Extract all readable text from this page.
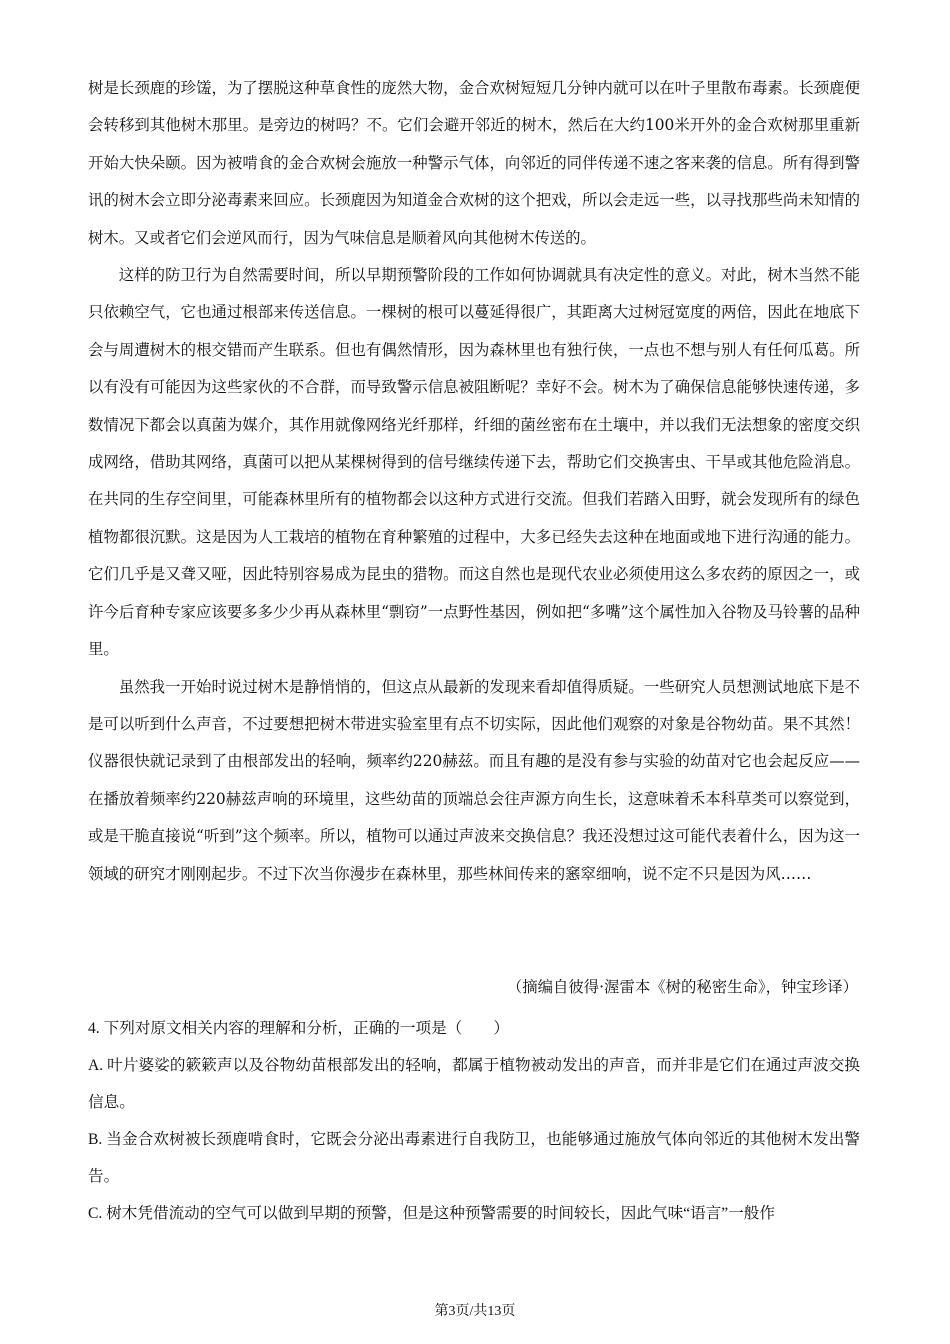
树是长颈鹿的珍馐，为了摆脱这种草食性的庞然大物，金合欢树短短几分钟内就可以在叶子里散布毒素。长颈鹿便会转移到其他树木那里。是旁边的树吗？不。它们会避开邻近的树木，然后在大约100米开外的金合欢树那里重新开始大快朵颐。因为被啃食的金合欢树会施放一种警示气体，向邻近的同伴传递不速之客来袭的信息。所有得到警讯的树木会立即分泌毒素来回应。长颈鹿因为知道金合欢树的这个把戏，所以会走远一些，以寻找那些尚未知情的树木。又或者它们会逆风而行，因为气味信息是顺着风向其他树木传送的。

这样的防卫行为自然需要时间，所以早期预警阶段的工作如何协调就具有决定性的意义。对此，树木当然不能只依赖空气，它也通过根部来传送信息。一棵树的根可以蔓延得很广，其距离大过树冠宽度的两倍，因此在地底下会与周遭树木的根交错而产生联系。但也有偶然情形，因为森林里也有独行侠，一点也不想与别人有任何瓜葛。所以有没有可能因为这些家伙的不合群，而导致警示信息被阻断呢？幸好不会。树木为了确保信息能够快速传递，多数情况下都会以真菌为媒介，其作用就像网络光纤那样，纤细的菌丝密布在土壤中，并以我们无法想象的密度交织成网络，借助其网络，真菌可以把从某棵树得到的信号继续传递下去，帮助它们交换害虫、干旱或其他危险消息。在共同的生存空间里，可能森林里所有的植物都会以这种方式进行交流。但我们若踏入田野，就会发现所有的绿色植物都很沉默。这是因为人工栽培的植物在育种繁殖的过程中，大多已经失去这种在地面或地下进行沟通的能力。它们几乎是又聋又哑，因此特别容易成为昆虫的猎物。而这自然也是现代农业必须使用这么多农药的原因之一，或许今后育种专家应该要多多少少再从森林里“剽窃”一点野性基因，例如把“多嘴”这个属性加入谷物及马铃薯的品种里。

虽然我一开始时说过树木是静悄悄的，但这点从最新的发现来看却值得质疑。一些研究人员想测试地底下是不是可以听到什么声音，不过要想把树木带进实验室里有点不切实际，因此他们观察的对象是谷物幼苗。果不其然！仪器很快就记录到了由根部发出的轻响，频率约220赫兹。而且有趣的是没有参与实验的幼苗对它也会起反应——在播放着频率约220赫兹声响的环境里，这些幼苗的顶端总会往声源方向生长，这意味着禾本科草类可以察觉到，或是干脆直接说“听到”这个频率。所以，植物可以通过声波来交换信息？我还没想过这可能代表着什么，因为这一领域的研究才刚刚起步。不过下次当你漫步在森林里，那些林间传来的窸窣细响，说不定不只是因为风……

（摘编自彼得·渥雷本《树的秘密生命》，钟宝珍译）

4. 下列对原文相关内容的理解和分析，正确的一项是（　　）

A. 叶片婆娑的簌簌声以及谷物幼苗根部发出的轻响，都属于植物被动发出的声音，而并非是它们在通过声波交换信息。

B. 当金合欢树被长颈鹿啃食时，它既会分泌出毒素进行自我防卫，也能够通过施放气体向邻近的其他树木发出警告。

C. 树木凭借流动的空气可以做到早期的预警，但是这种预警需要的时间较长，因此气味“语言”一般作

第3页/共13页
